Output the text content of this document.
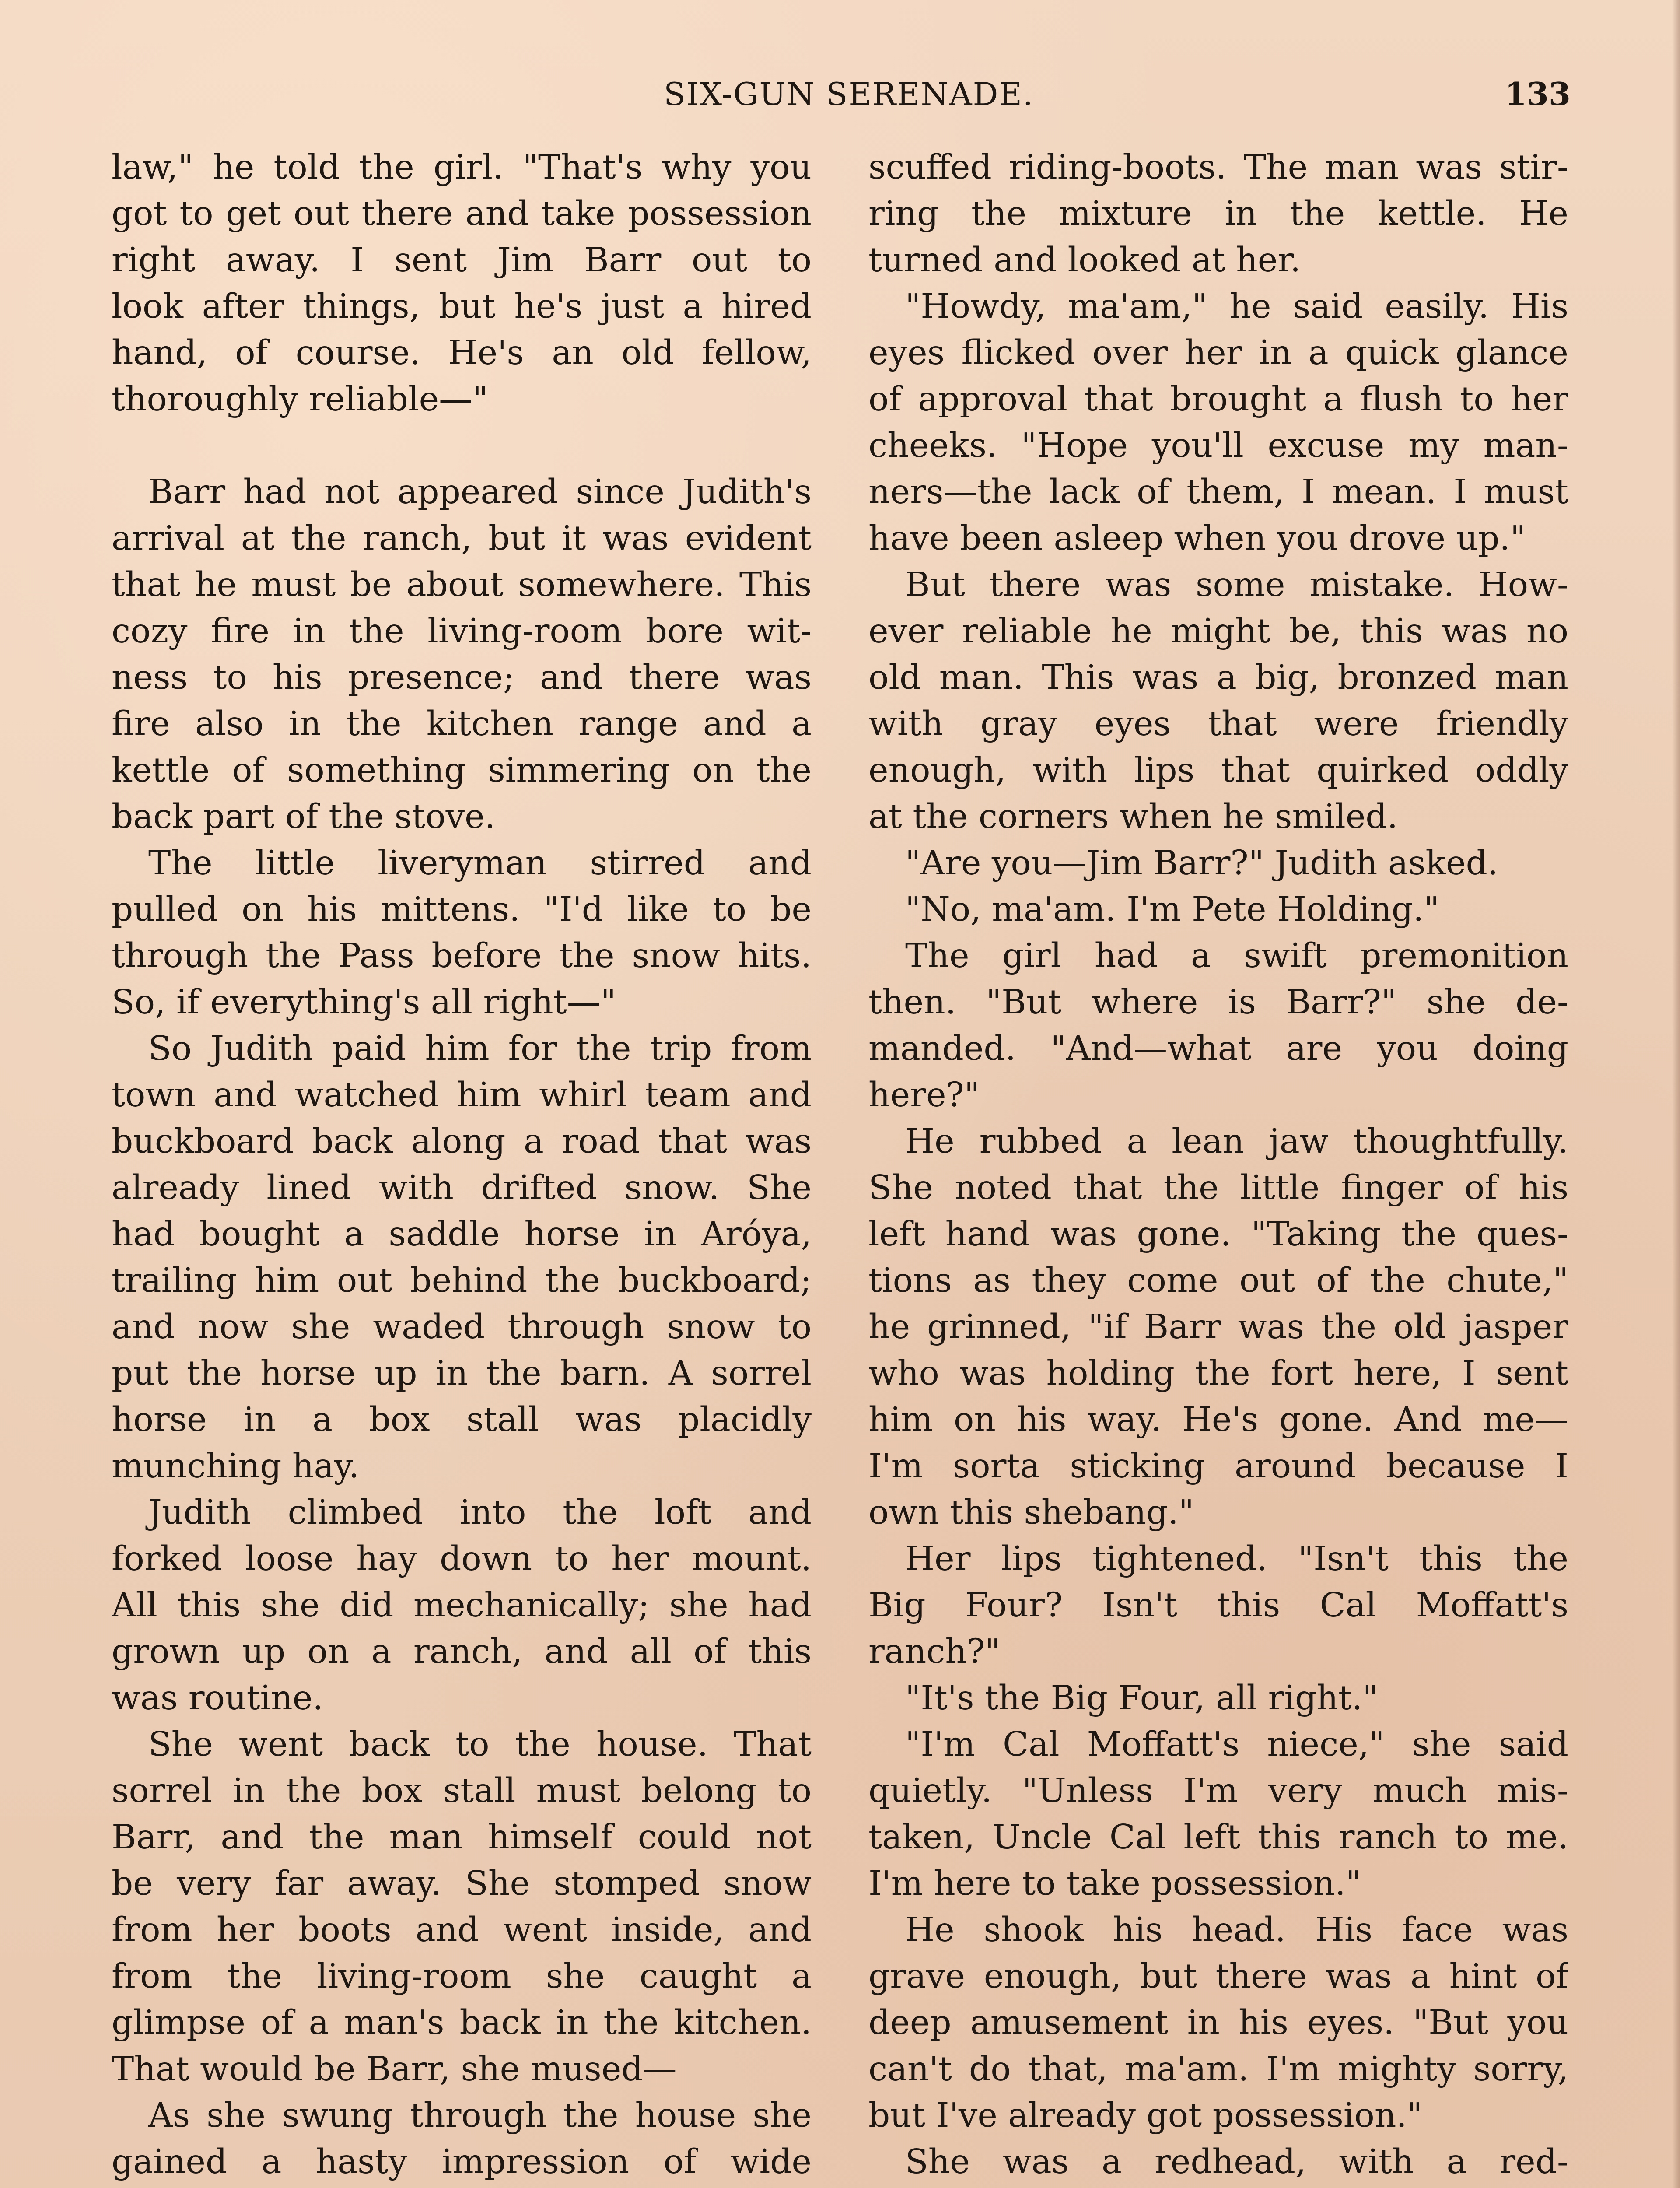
SIX-GUN SERENADE.	133
law," he told the girl. "That's why you
got to get out there and take possession
right away. I sent Jim Barr out to
look after things, but he's just a hired
hand, of course. He's an old fellow,
thoroughly reliable—"
Barr had not appeared since Judith's
arrival at the ranch, but it was evident
that he must be about somewhere. This
cozy fire in the living-room bore wit-
ness to his presence; and there was
fire also in the kitchen range and a
kettle of something simmering on the
back part of the stove.
The little liveryman stirred and
pulled on his mittens. "I'd like to be
through the Pass before the snow hits.
So, if everything's all right—"
So Judith paid him for the trip from
town and watched him whirl team and
buckboard back along a road that was
already lined with drifted snow. She
had bought a saddle horse in Aróya,
trailing him out behind the buckboard;
and now she waded through snow to
put the horse up in the barn. A sorrel
horse in a box stall was placidly
munching hay.
Judith climbed into the loft and
forked loose hay down to her mount.
All this she did mechanically; she had
grown up on a ranch, and all of this
was routine.
She went back to the house. That
sorrel in the box stall must belong to
Barr, and the man himself could not
be very far away. She stomped snow
from her boots and went inside, and
from the living-room she caught a
glimpse of a man's back in the kitchen.
That would be Barr, she mused—
As she swung through the house she
gained a hasty impression of wide
scuffed riding-boots. The man was stir-
ring the mixture in the kettle. He
turned and looked at her.
"Howdy, ma'am," he said easily. His
eyes flicked over her in a quick glance
of approval that brought a flush to her
cheeks. "Hope you'll excuse my man-
ners—the lack of them, I mean. I must
have been asleep when you drove up."
But there was some mistake. How-
ever reliable he might be, this was no
old man. This was a big, bronzed man
with gray eyes that were friendly
enough, with lips that quirked oddly
at the corners when he smiled.
"Are you—Jim Barr?" Judith asked.
"No, ma'am. I'm Pete Holding."
The girl had a swift premonition
then. "But where is Barr?" she de-
manded. "And—what are you doing
here?"
He rubbed a lean jaw thoughtfully.
She noted that the little finger of his
left hand was gone. "Taking the ques-
tions as they come out of the chute,"
he grinned, "if Barr was the old jasper
who was holding the fort here, I sent
him on his way. He's gone. And me—
I'm sorta sticking around because I
own this shebang."
Her lips tightened. "Isn't this the
Big Four? Isn't this Cal Moffatt's
ranch?"
"It's the Big Four, all right."
"I'm Cal Moffatt's niece," she said
quietly. "Unless I'm very much mis-
taken, Uncle Cal left this ranch to me.
I'm here to take possession."
He shook his head. His face was
grave enough, but there was a hint of
deep amusement in his eyes. "But you
can't do that, ma'am. I'm mighty sorry,
but I've already got possession."
She was a redhead, with a red-
